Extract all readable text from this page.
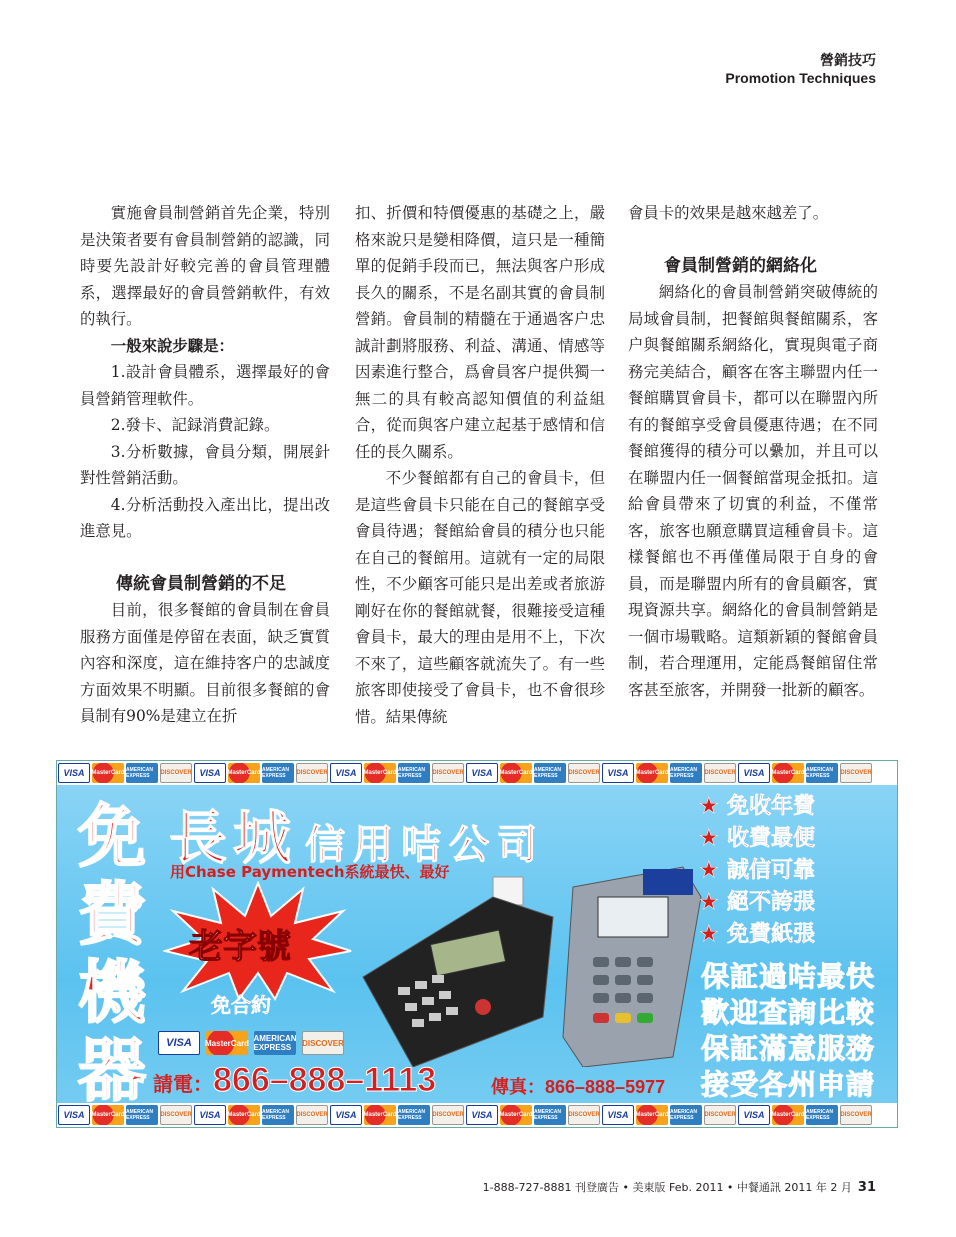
營銷技巧
Promotion Techniques

實施會員制營銷首先企業，特別是決策者要有會員制營銷的認識，同時要先設計好較完善的會員管理體系，選擇最好的會員營銷軟件，有效的執行。

一般來說步驟是：

1.設計會員體系，選擇最好的會員營銷管理軟件。

2.發卡、記録消費記錄。

3.分析數據，會員分類，開展針對性營銷活動。

4.分析活動投入產出比，提出改進意見。

傳統會員制營銷的不足

目前，很多餐館的會員制在會員服務方面僅是停留在表面，缺乏實質內容和深度，這在維持客户的忠誠度方面效果不明顯。目前很多餐館的會員制有90%是建立在折

扣、折價和特價優惠的基礎之上，嚴格來說只是變相降價，這只是一種簡單的促銷手段而已，無法與客户形成長久的關系，不是名副其實的會員制營銷。會員制的精髓在于通過客户忠誠計劃將服務、利益、溝通、情感等因素進行整合，爲會員客户提供獨一無二的具有較高認知價值的利益組合，從而與客户建立起基于感情和信任的長久關系。

不少餐館都有自己的會員卡，但是這些會員卡只能在自己的餐館享受會員待遇；餐館給會員的積分也只能在自己的餐館用。這就有一定的局限性，不少顧客可能只是出差或者旅游剛好在你的餐館就餐，很難接受這種會員卡，最大的理由是用不上，下次不來了，這些顧客就流失了。有一些旅客即使接受了會員卡，也不會很珍惜。結果傳統

會員卡的效果是越來越差了。

會員制營銷的網絡化

網絡化的會員制營銷突破傳統的局域會員制，把餐館與餐館關系，客户與餐館關系網絡化，實現與電子商務完美結合，顧客在客主聯盟内任一餐館購買會員卡，都可以在聯盟內所有的餐館享受會員優惠待遇；在不同餐館獲得的積分可以纍加，并且可以在聯盟内任一個餐館當現金抵扣。這給會員帶來了切實的利益，不僅常客，旅客也願意購買這種會員卡。這樣餐館也不再僅僅局限于自身的會員，而是聯盟内所有的會員顧客，實現資源共享。網絡化的會員制營銷是一個市場戰略。這類新穎的餐館會員制，若合理運用，定能爲餐館留住常客甚至旅客，并開發一批新的顧客。

VISA	MasterCard AMERICAN EXPRESS	DISCOVER VISA	MasterCard AMERICAN EXPRESS	DISCOVER VISA	MasterCard AMERICAN EXPRESS	DISCOVER VISA	MasterCard AMERICAN EXPRESS	DISCOVER VISA	MasterCard AMERICAN EXPRESS	DISCOVER VISA	MasterCard AMERICAN EXPRESS	DISCOVER
VISA	MasterCard AMERICAN EXPRESS	DISCOVER VISA	MasterCard AMERICAN EXPRESS	DISCOVER VISA	MasterCard AMERICAN EXPRESS	DISCOVER VISA	MasterCard AMERICAN EXPRESS	DISCOVER VISA	MasterCard AMERICAN EXPRESS	DISCOVER VISA	MasterCard AMERICAN EXPRESS	DISCOVER
免
費
機
器
長城 信用咭公司
用Chase Paymentech系統最快、最好
老字號
免合約
VISA	MasterCard AMERICAN EXPRESS	DISCOVER
請電：866–888–1113	傳真：866–888–5977
★ 免收年費
★ 收費最便
★ 誠信可靠
★ 絕不誇張
★ 免費紙張
保証過咭最快
歡迎查詢比較
保証滿意服務
接受各州申請
1-888-727-8881 刊登廣告 • 美東版 Feb. 2011 • 中餐通訊 2011 年 2 月 31
